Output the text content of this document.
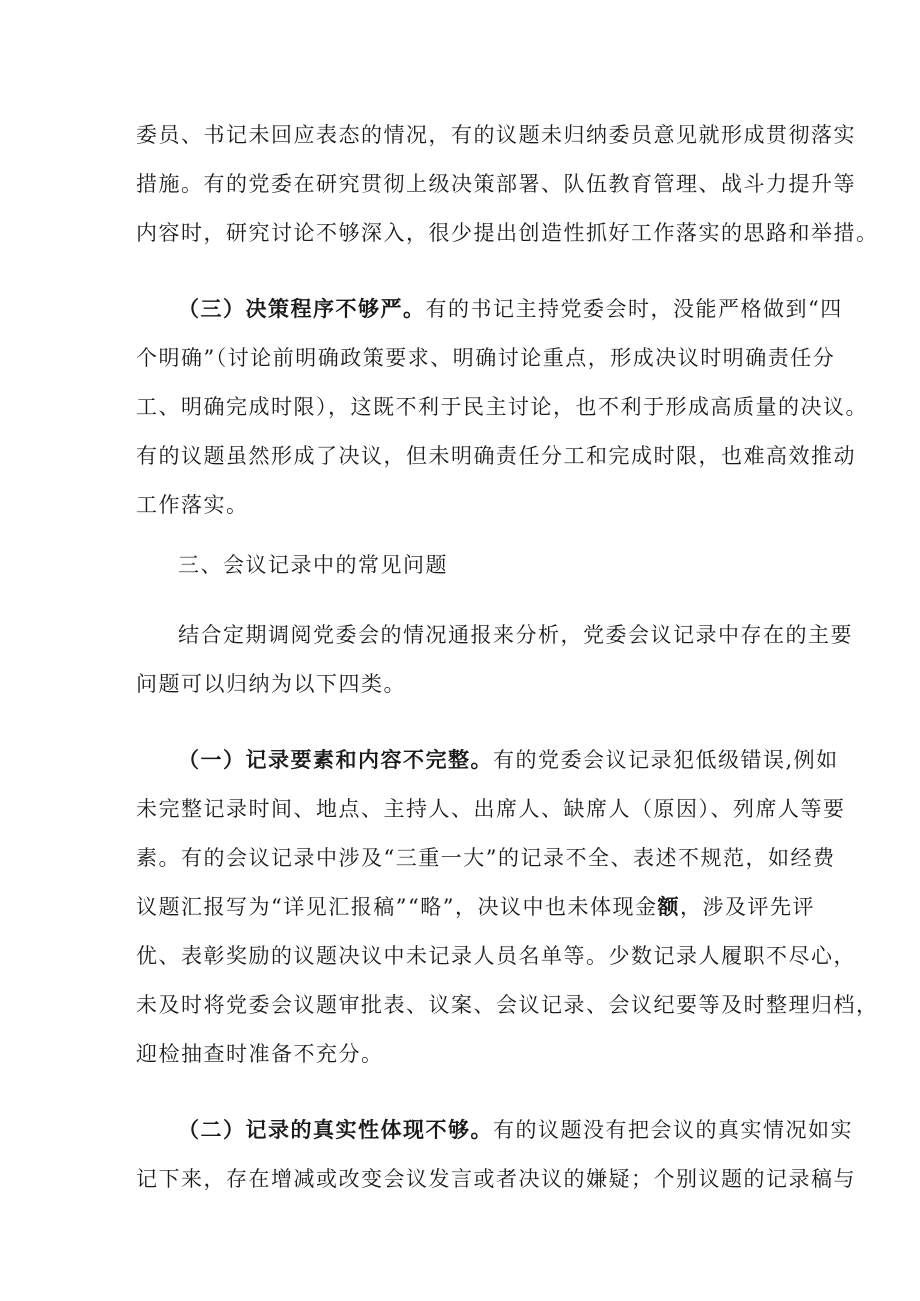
委员、书记未回应表态的情况，有的议题未归纳委员意见就形成贯彻落实
措施。有的党委在研究贯彻上级决策部署、队伍教育管理、战斗力提升等
内容时，研究讨论不够深入，很少提出创造性抓好工作落实的思路和举措。
（三）决策程序不够严。有的书记主持党委会时，没能严格做到“四
个明确”（讨论前明确政策要求、明确讨论重点，形成决议时明确责任分
工、明确完成时限），这既不利于民主讨论，也不利于形成高质量的决议。
有的议题虽然形成了决议，但未明确责任分工和完成时限，也难高效推动
工作落实。
三、会议记录中的常见问题
结合定期调阅党委会的情况通报来分析，党委会议记录中存在的主要
问题可以归纳为以下四类。
（一）记录要素和内容不完整。有的党委会议记录犯低级错误,例如
未完整记录时间、地点、主持人、出席人、缺席人（原因）、列席人等要
素。有的会议记录中涉及“三重一大”的记录不全、表述不规范，如经费
议题汇报写为“详见汇报稿”“略”，决议中也未体现金额，涉及评先评
优、表彰奖励的议题决议中未记录人员名单等。少数记录人履职不尽心，
未及时将党委会议题审批表、议案、会议记录、会议纪要等及时整理归档，
迎检抽查时准备不充分。
（二）记录的真实性体现不够。有的议题没有把会议的真实情况如实
记下来，存在增减或改变会议发言或者决议的嫌疑；个别议题的记录稿与
